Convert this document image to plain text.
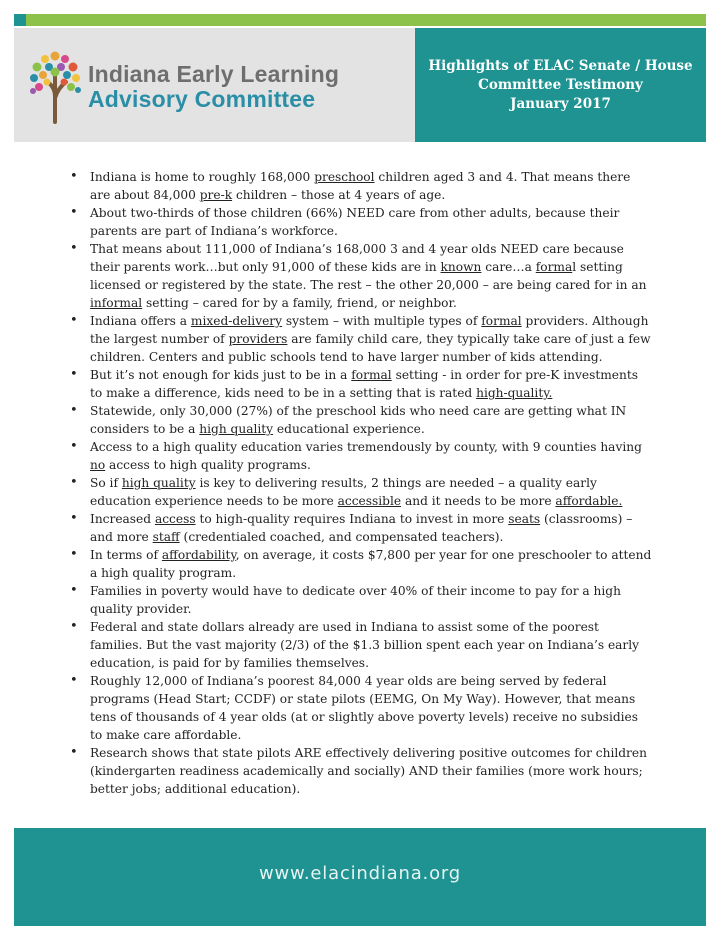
Indiana Early Learning
Advisory Committee
Highlights of ELAC Senate / House
Committee Testimony
January 2017
• Indiana is home to roughly 168,000 preschool children aged 3 and 4. That means there are about 84,000 pre-k children – those at 4 years of age.
• About two-thirds of those children (66%) NEED care from other adults, because their parents are part of Indiana’s workforce.
• That means about 111,000 of Indiana’s 168,000 3 and 4 year olds NEED care because their parents work…but only 91,000 of these kids are in known care…a formal setting licensed or registered by the state. The rest – the other 20,000 – are being cared for in an informal setting – cared for by a family, friend, or neighbor.
• Indiana offers a mixed-delivery system – with multiple types of formal providers. Although the largest number of providers are family child care, they typically take care of just a few children. Centers and public schools tend to have larger number of kids attending.
• But it’s not enough for kids just to be in a formal setting - in order for pre-K investments to make a difference, kids need to be in a setting that is rated high-quality.
• Statewide, only 30,000 (27%) of the preschool kids who need care are getting what IN considers to be a high quality educational experience.
• Access to a high quality education varies tremendously by county, with 9 counties having no access to high quality programs.
• So if high quality is key to delivering results, 2 things are needed – a quality early education experience needs to be more accessible and it needs to be more affordable.
• Increased access to high-quality requires Indiana to invest in more seats (classrooms) – and more staff (credentialed coached, and compensated teachers).
• In terms of affordability, on average, it costs $7,800 per year for one preschooler to attend a high quality program.
• Families in poverty would have to dedicate over 40% of their income to pay for a high quality provider.
• Federal and state dollars already are used in Indiana to assist some of the poorest families. But the vast majority (2/3) of the $1.3 billion spent each year on Indiana’s early education, is paid for by families themselves.
• Roughly 12,000 of Indiana’s poorest 84,000 4 year olds are being served by federal programs (Head Start; CCDF) or state pilots (EEMG, On My Way). However, that means tens of thousands of 4 year olds (at or slightly above poverty levels) receive no subsidies to make care affordable.
• Research shows that state pilots ARE effectively delivering positive outcomes for children (kindergarten readiness academically and socially) AND their families (more work hours; better jobs; additional education).
www.elacindiana.org
